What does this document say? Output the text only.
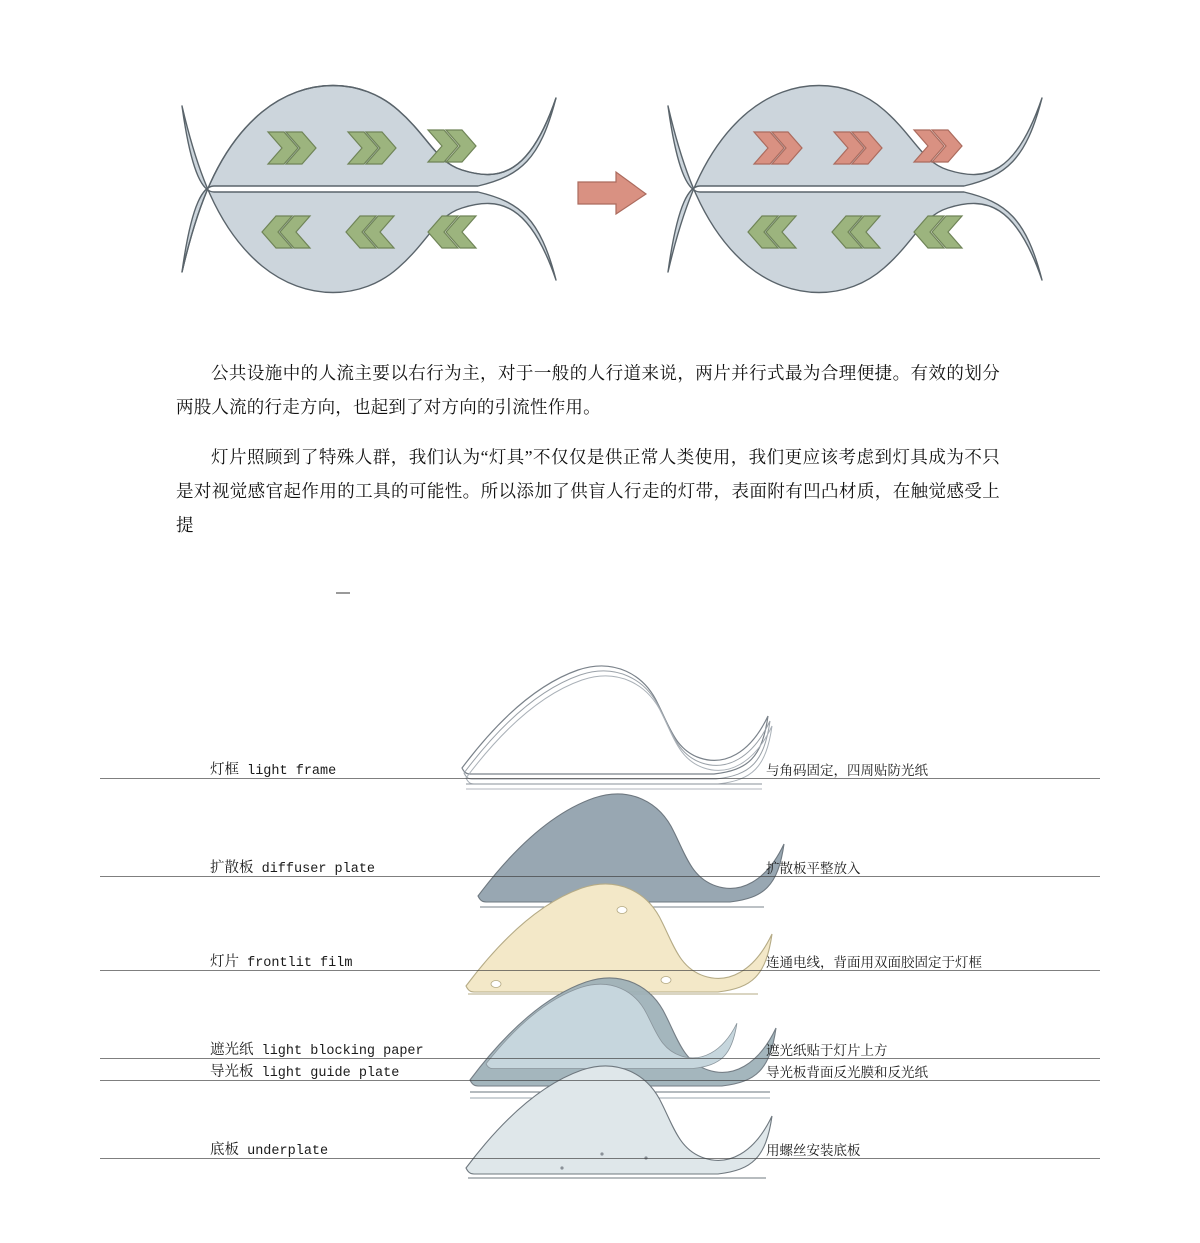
公共设施中的人流主要以右行为主，对于一般的人行道来说，两片并行式最为合理便捷。有效的划分两股人流的行走方向，也起到了对方向的引流性作用。

灯片照顾到了特殊人群，我们认为“灯具”不仅仅是供正常人类使用，我们更应该考虑到灯具成为不只是对视觉感官起作用的工具的可能性。所以添加了供盲人行走的灯带，表面附有凹凸材质，在触觉感受上提

灯框 light frame	与角码固定，四周贴防光纸
扩散板 diffuser plate	扩散板平整放入
灯片 frontlit film	连通电线，背面用双面胶固定于灯框
遮光纸 light blocking paper	遮光纸贴于灯片上方
导光板 light guide plate	导光板背面反光膜和反光纸
底板 underplate	用螺丝安装底板
